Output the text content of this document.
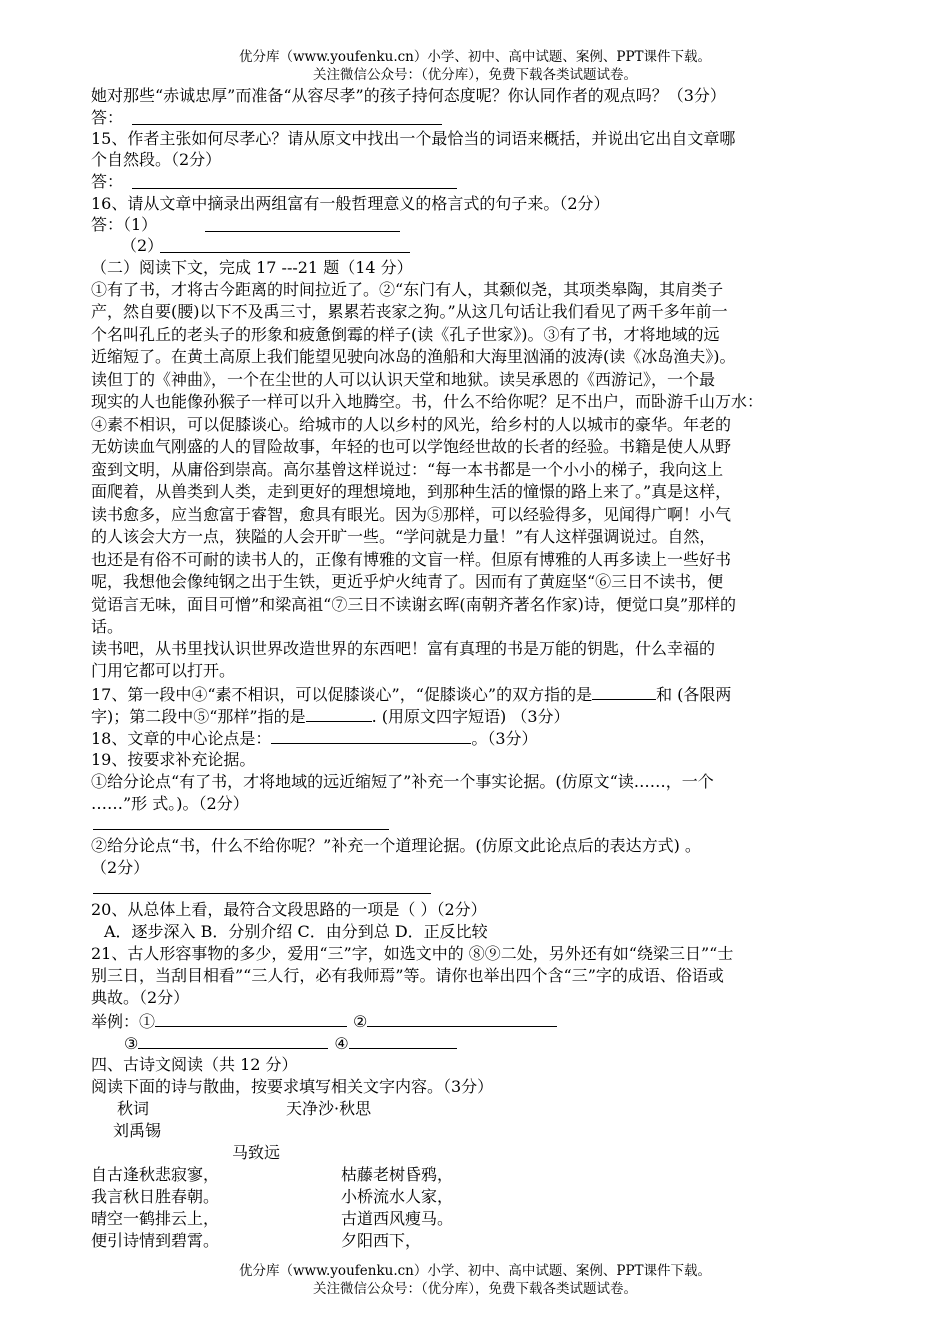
优分库（www.youfenku.cn）小学、初中、高中试题、案例、PPT课件下载。
关注微信公众号：（优分库），免费下载各类试题试卷。
她对那些“赤诚忠厚”而准备“从容尽孝”的孩子持何态度呢？你认同作者的观点吗？（3分）
答：
15、作者主张如何尽孝心？请从原文中找出一个最恰当的词语来概括，并说出它出自文章哪
个自然段。（2分）
答：
16、请从文章中摘录出两组富有一般哲理意义的格言式的句子来。（2分）
答：（1）
（2）
（二）阅读下文，完成 17 ---21 题（14 分）
①有了书，才将古今距离的时间拉近了。②“东门有人，其颡似尧，其项类皋陶，其肩类子
产，然自要(腰)以下不及禹三寸，累累若丧家之狗。”从这几句话让我们看见了两千多年前一
个名叫孔丘的老头子的形象和疲惫倒霉的样子(读《孔子世家》)。③有了书，才将地域的远
近缩短了。在黄土高原上我们能望见驶向冰岛的渔船和大海里汹涌的波涛(读《冰岛渔夫》)。
读但丁的《神曲》，一个在尘世的人可以认识天堂和地狱。读吴承恩的《西游记》，一个最
现实的人也能像孙猴子一样可以升入地腾空。书，什么不给你呢？足不出户，而卧游千山万水：
④素不相识，可以促膝谈心。给城市的人以乡村的风光，给乡村的人以城市的豪华。年老的
无妨读血气刚盛的人的冒险故事，年轻的也可以学饱经世故的长者的经验。书籍是使人从野
蛮到文明，从庸俗到崇高。高尔基曾这样说过：“每一本书都是一个小小的梯子，我向这上
面爬着，从兽类到人类，走到更好的理想境地，到那种生活的憧憬的路上来了。”真是这样，
读书愈多，应当愈富于睿智，愈具有眼光。因为⑤那样，可以经验得多，见闻得广啊！小气
的人该会大方一点，狭隘的人会开旷一些。“学问就是力量！”有人这样强调说过。自然，
也还是有俗不可耐的读书人的，正像有博雅的文盲一样。但原有博雅的人再多读上一些好书
呢，我想他会像纯钢之出于生铁，更近乎炉火纯青了。因而有了黄庭坚“⑥三日不读书，便
觉语言无味，面目可憎”和梁高祖“⑦三日不读谢玄晖(南朝齐著名作家)诗，便觉口臭”那样的
话。
读书吧，从书里找认识世界改造世界的东西吧！富有真理的书是万能的钥匙，什么幸福的
门用它都可以打开。
17、第一段中④“素不相识，可以促膝谈心”，“促膝谈心”的双方指的是	和 (各限两
字)；第二段中⑤“那样”指的是	. (用原文四字短语) （3分）
18、文章的中心论点是：	。（3分）
19、按要求补充论据。
①给分论点“有了书，才将地域的远近缩短了”补充一个事实论据。(仿原文“读……，一个
……”形 式。)。（2分）
②给分论点“书，什么不给你呢？”补充一个道理论据。(仿原文此论点后的表达方式) 。
（2分）
20、从总体上看，最符合文段思路的一项是（ ）（2分）
A．逐步深入 B．分别介绍 C．由分到总 D．正反比较
21、古人形容事物的多少，爱用“三”字，如选文中的 ⑧⑨二处，另外还有如“绕梁三日”“士
别三日，当刮目相看”“三人行，必有我师焉”等。请你也举出四个含“三”字的成语、俗语或
典故。（2分）
举例：①	②
③	④
四、古诗文阅读（共 12 分）
阅读下面的诗与散曲，按要求填写相关文字内容。（3分）
秋词	天净沙·秋思
刘禹锡
马致远
自古逢秋悲寂寥，
我言秋日胜春朝。
晴空一鹤排云上，
便引诗情到碧霄。
枯藤老树昏鸦，
小桥流水人家，
古道西风瘦马。
夕阳西下，
优分库（www.youfenku.cn）小学、初中、高中试题、案例、PPT课件下载。
关注微信公众号：（优分库），免费下载各类试题试卷。
